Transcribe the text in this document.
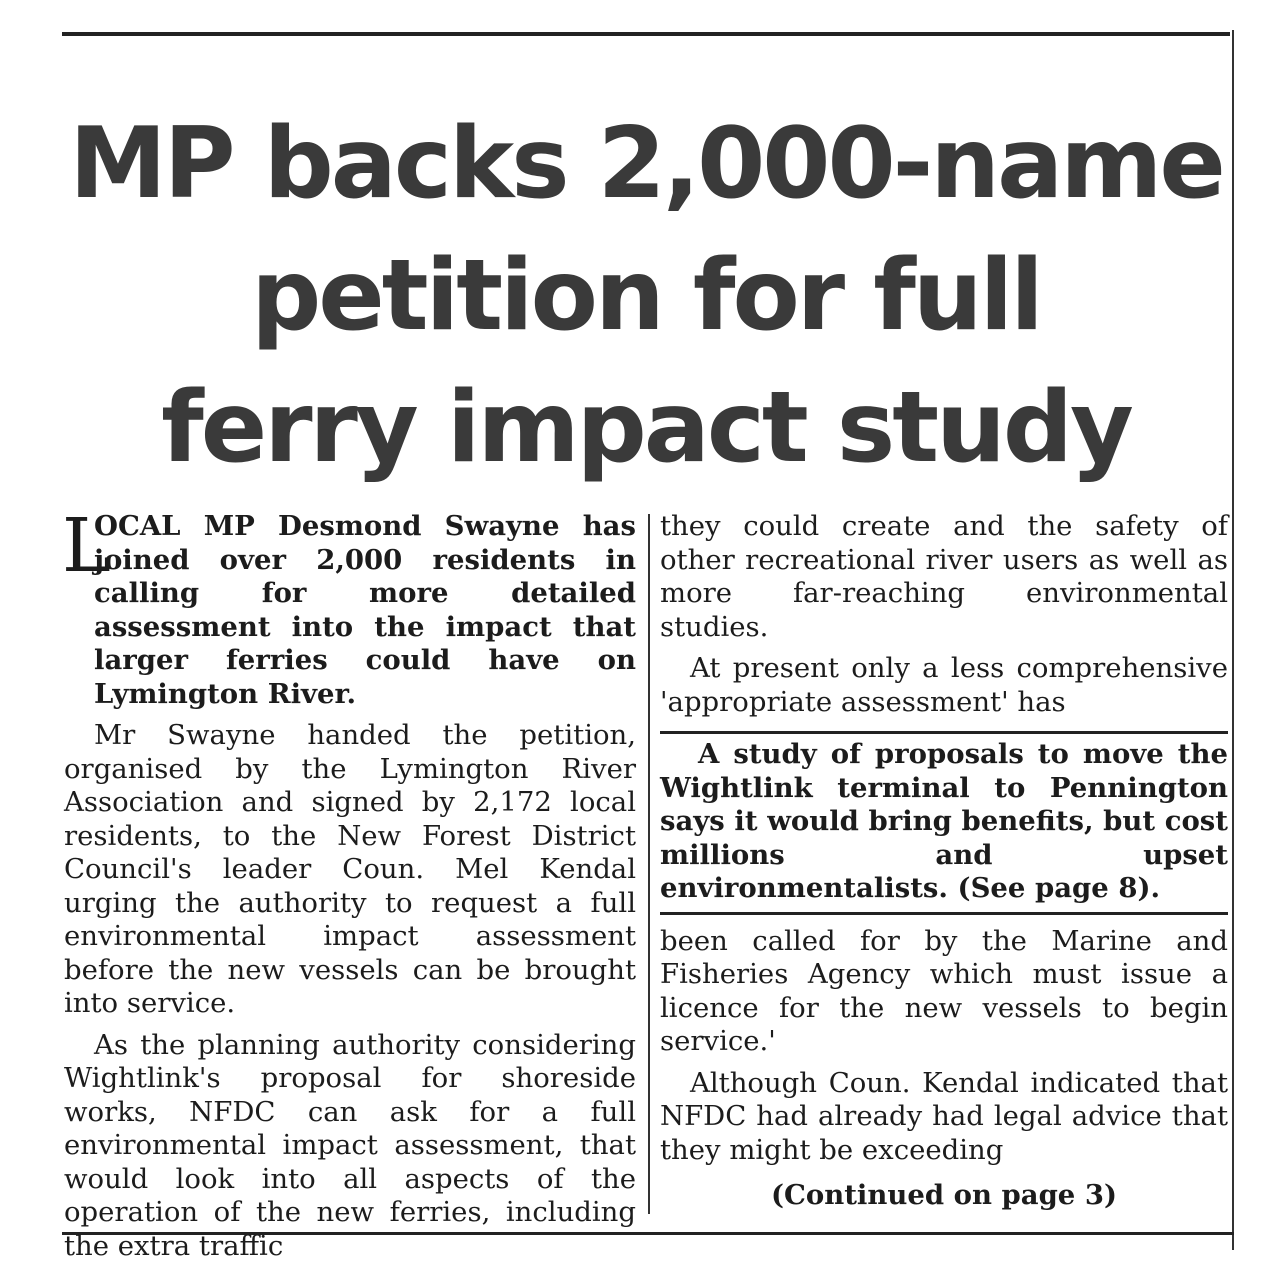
MP backs 2,000-name
petition for full
ferry impact study

L
OCAL MP Desmond Swayne has joined over 2,000 residents in calling for more detailed assessment into the impact that larger ferries could have on Lymington River.

Mr Swayne handed the petition, organised by the Lymington River Association and signed by 2,172 local residents, to the New Forest District Council's leader Coun. Mel Kendal urging the authority to request a full environmental impact assessment before the new vessels can be brought into service.

As the planning authority considering Wightlink's proposal for shoreside works, NFDC can ask for a full environmental impact assessment, that would look into all aspects of the operation of the new ferries, including the extra traffic

they could create and the safety of other recreational river users as well as more far-reaching environmental studies.

At present only a less comprehensive 'appropriate assessment' has

A study of proposals to move the Wightlink terminal to Pennington says it would bring benefits, but cost millions and upset environmentalists. (See page 8).

been called for by the Marine and Fisheries Agency which must issue a licence for the new vessels to begin service.'

Although Coun. Kendal indicated that NFDC had already had legal advice that they might be exceeding

(Continued on page 3)
